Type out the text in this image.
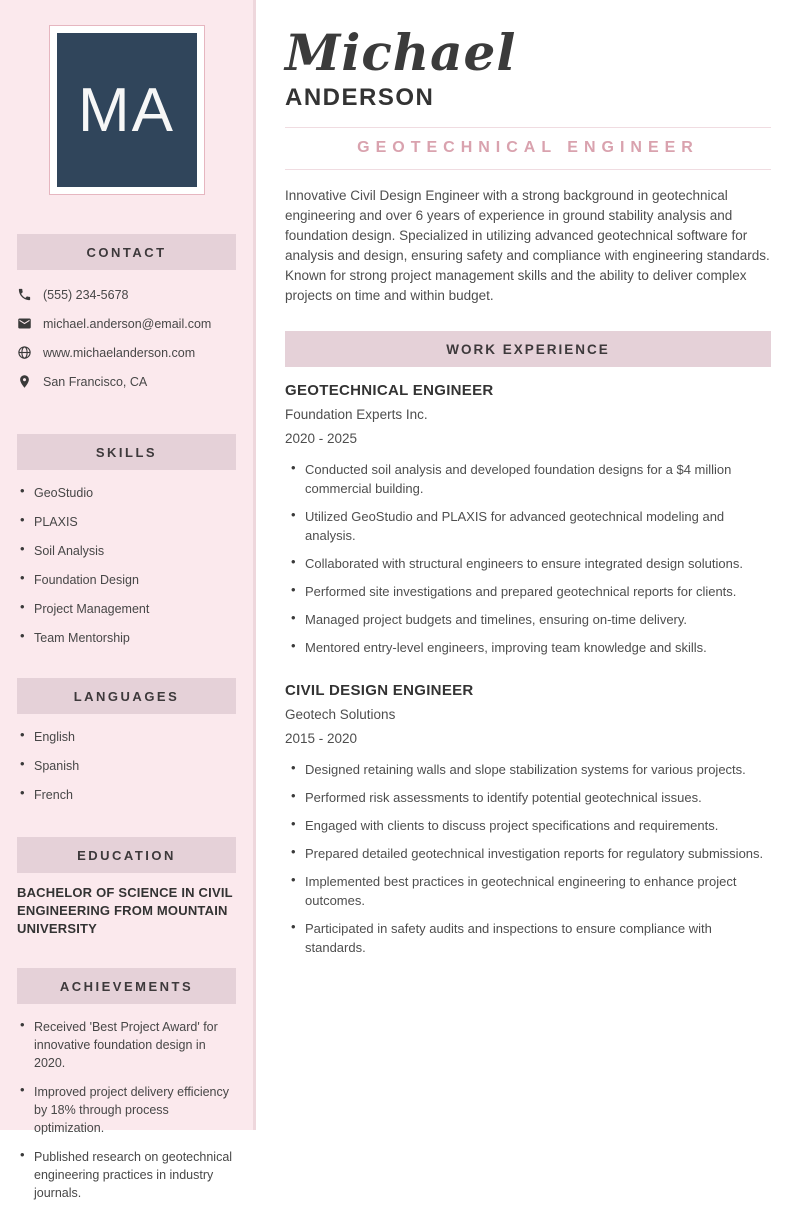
MA
CONTACT
(555) 234-5678
michael.anderson@email.com
www.michaelanderson.com
San Francisco, CA
SKILLS
• GeoStudio
• PLAXIS
• Soil Analysis
• Foundation Design
• Project Management
• Team Mentorship
LANGUAGES
• English
• Spanish
• French
EDUCATION

BACHELOR OF SCIENCE IN CIVIL ENGINEERING FROM MOUNTAIN UNIVERSITY

ACHIEVEMENTS
• Received 'Best Project Award' for innovative foundation design in 2020.
• Improved project delivery efficiency by 18% through process optimization.
• Published research on geotechnical engineering practices in industry journals.
Michael
ANDERSON
GEOTECHNICAL ENGINEER

Innovative Civil Design Engineer with a strong background in geotechnical engineering and over 6 years of experience in ground stability analysis and foundation design. Specialized in utilizing advanced geotechnical software for analysis and design, ensuring safety and compliance with engineering standards. Known for strong project management skills and the ability to deliver complex projects on time and within budget.

WORK EXPERIENCE
GEOTECHNICAL ENGINEER
Foundation Experts Inc.
2020 - 2025
• Conducted soil analysis and developed foundation designs for a $4 million commercial building.
• Utilized GeoStudio and PLAXIS for advanced geotechnical modeling and analysis.
• Collaborated with structural engineers to ensure integrated design solutions.
• Performed site investigations and prepared geotechnical reports for clients.
• Managed project budgets and timelines, ensuring on-time delivery.
• Mentored entry-level engineers, improving team knowledge and skills.
CIVIL DESIGN ENGINEER
Geotech Solutions
2015 - 2020
• Designed retaining walls and slope stabilization systems for various projects.
• Performed risk assessments to identify potential geotechnical issues.
• Engaged with clients to discuss project specifications and requirements.
• Prepared detailed geotechnical investigation reports for regulatory submissions.
• Implemented best practices in geotechnical engineering to enhance project outcomes.
• Participated in safety audits and inspections to ensure compliance with standards.
